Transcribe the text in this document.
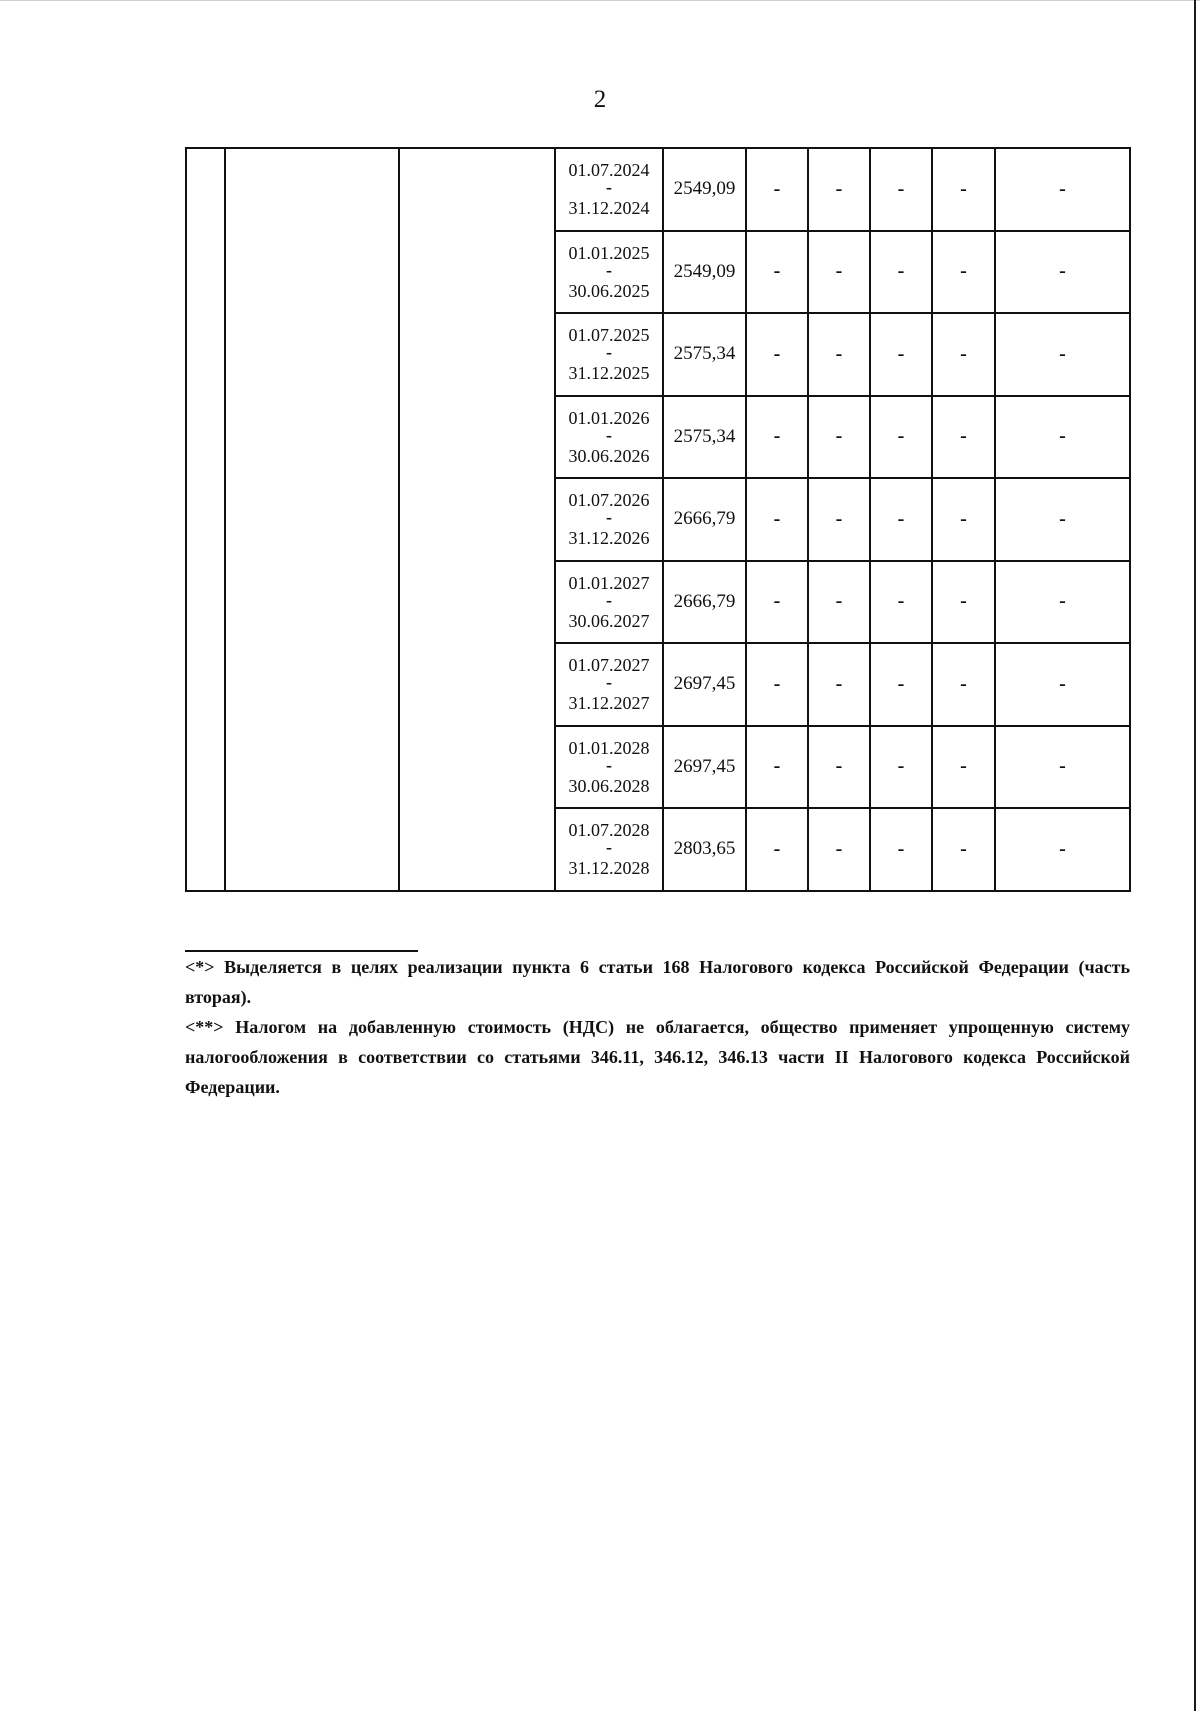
2

			01.07.2024
-
31.12.2024	2549,09	-	-	-	-	-

			01.01.2025
-
30.06.2025	2549,09	-	-	-	-	-

			01.07.2025
-
31.12.2025	2575,34	-	-	-	-	-

			01.01.2026
-
30.06.2026	2575,34	-	-	-	-	-

			01.07.2026
-
31.12.2026	2666,79	-	-	-	-	-

			01.01.2027
-
30.06.2027	2666,79	-	-	-	-	-

			01.07.2027
-
31.12.2027	2697,45	-	-	-	-	-

			01.01.2028
-
30.06.2028	2697,45	-	-	-	-	-

			01.07.2028
-
31.12.2028	2803,65	-	-	-	-	-

<*> Выделяется в целях реализации пункта 6 статьи 168 Налогового кодекса Российской Федерации (часть вторая).

<**> Налогом на добавленную стоимость (НДС) не облагается, общество применяет упрощенную систему налогообложения в соответствии со статьями 346.11, 346.12, 346.13 части II Налогового кодекса Российской Федерации.
